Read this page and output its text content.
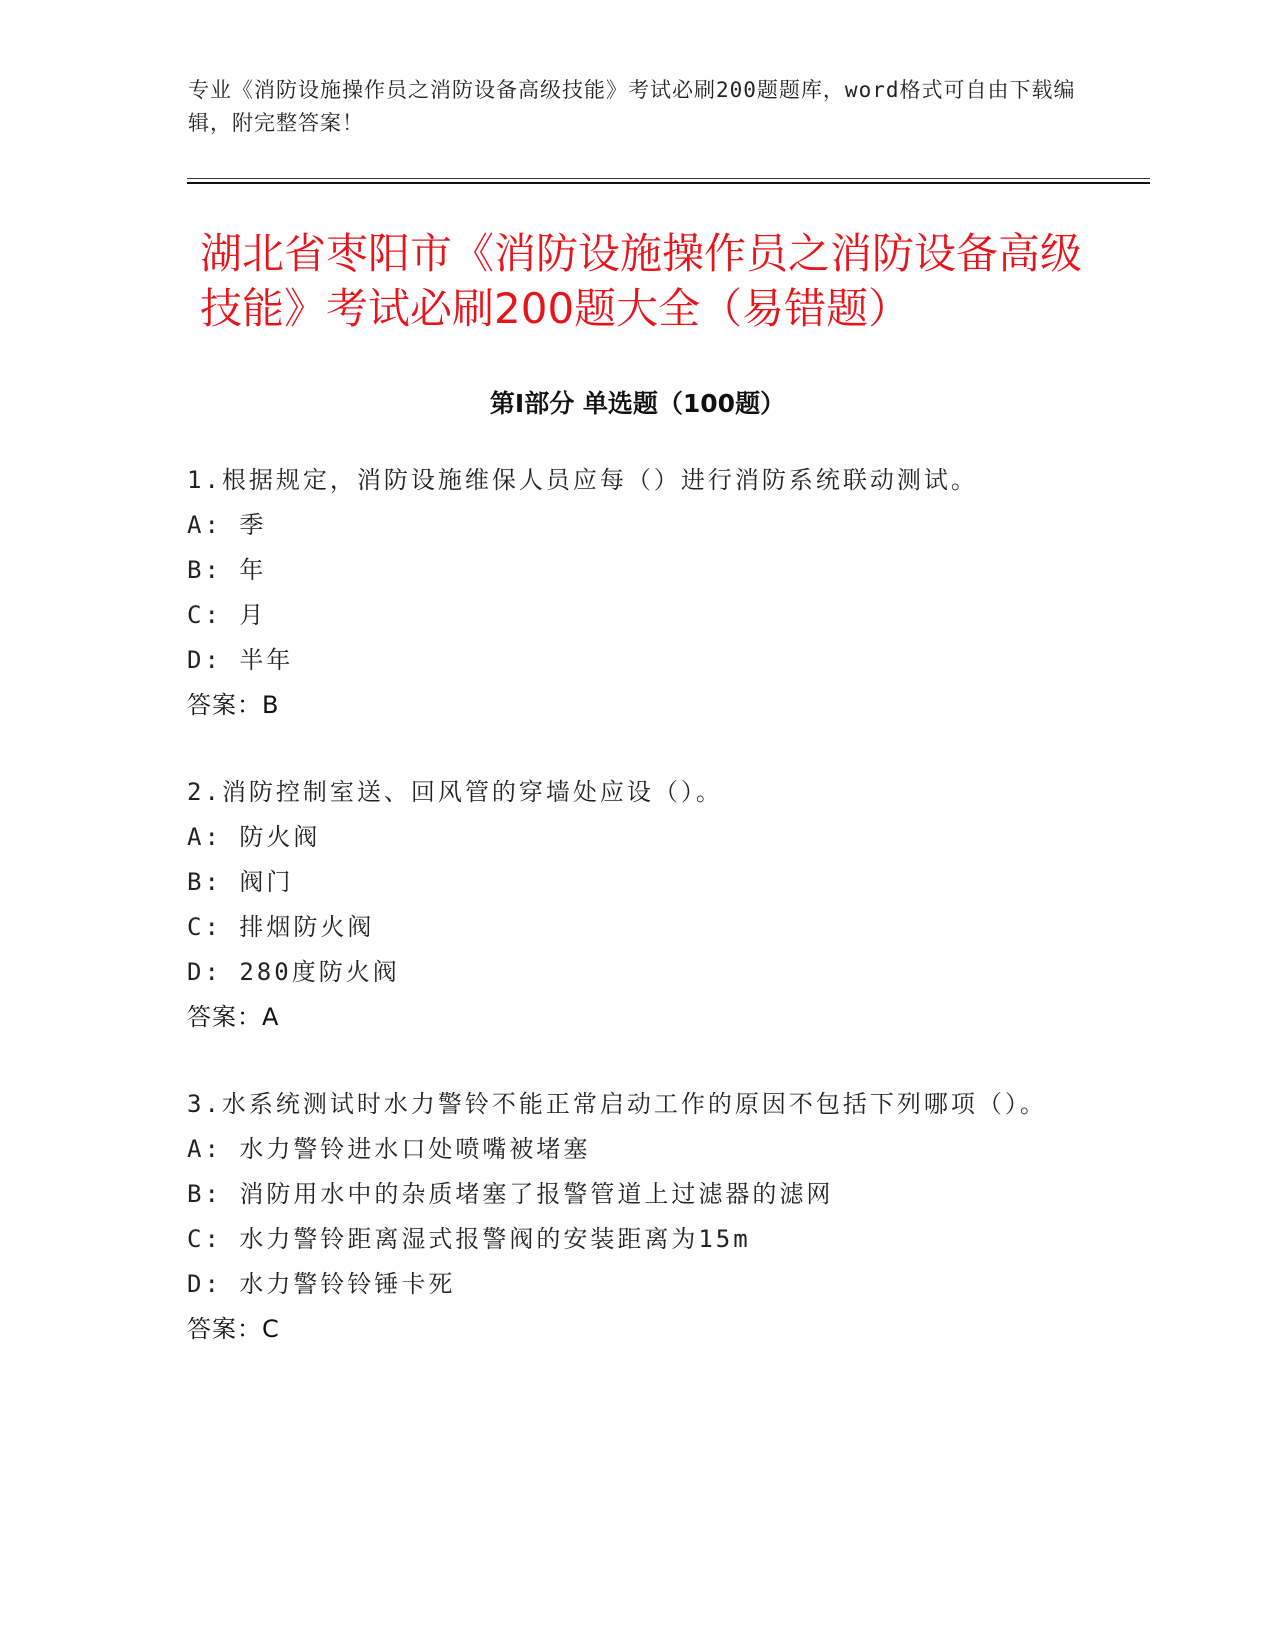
专业《消防设施操作员之消防设备高级技能》考试必刷200题题库，word格式可自由下载编辑，附完整答案！
湖北省枣阳市《消防设施操作员之消防设备高级技能》考试必刷200题大全（易错题）
第I部分 单选题（100题）

1.根据规定，消防设施维保人员应每（）进行消防系统联动测试。

A: 季

B: 年

C: 月

D: 半年

答案：B

2.消防控制室送、回风管的穿墙处应设（）。

A: 防火阀

B: 阀门

C: 排烟防火阀

D: 280度防火阀

答案：A

3.水系统测试时水力警铃不能正常启动工作的原因不包括下列哪项（）。

A: 水力警铃进水口处喷嘴被堵塞

B: 消防用水中的杂质堵塞了报警管道上过滤器的滤网

C: 水力警铃距离湿式报警阀的安装距离为15m

D: 水力警铃铃锤卡死

答案：C
